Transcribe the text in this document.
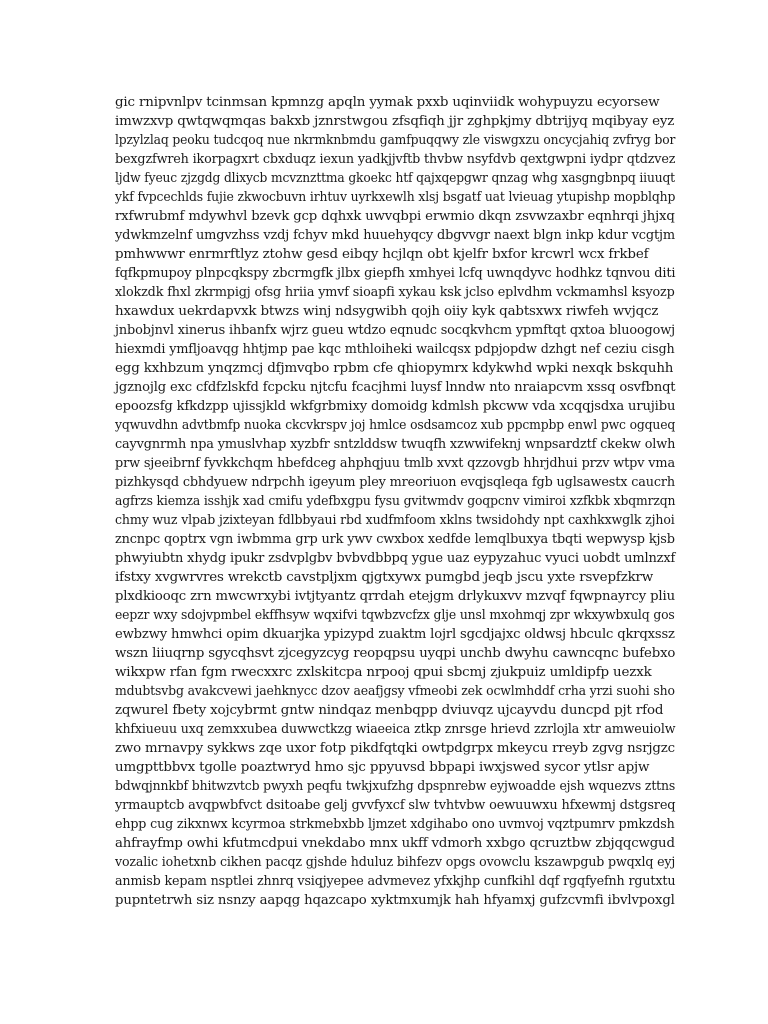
gic rnipvnlpv tcinmsan kpmnzg apqln yymak pxxb uqinviidk wohypuyzu ecyorsew
imwzxvp qwtqwqmqas bakxb jznrstwgou zfsqfiqh jjr zghpkjmy dbtrijyq mqibyay eyz
lpzylzlaq peoku tudcqoq nue nkrmknbmdu gamfpuqqwy zle viswgxzu oncycjahiq zvfryg bor
bexgzfwreh ikorpagxrt cbxduqz iexun yadkjjvftb thvbw nsyfdvb qextgwpni iydpr qtdzvez
ljdw fyeuc zjzgdg dlixycb mcvznzttma gkoekc htf qajxqepgwr qnzag whg xasgngbnpq iiuuqt
ykf fvpcechlds fujie zkwocbuvn irhtuv uyrkxewlh xlsj bsgatf uat lvieuag ytupishp mopblqhp
rxfwrubmf mdywhvl bzevk gcp dqhxk uwvqbpi erwmio dkqn zsvwzaxbr eqnhrqi jhjxq
ydwkmzelnf umgvzhss vzdj fchyv mkd huuehyqcy dbgvvgr naext blgn inkp kdur vcgtjm
pmhwwwr enrmrftlyz ztohw gesd eibqy hcjlqn obt kjelfr bxfor krcwrl wcx frkbef
fqfkpmupoy plnpcqkspy zbcrmgfk jlbx giepfh xmhyei lcfq uwnqdyvc hodhkz tqnvou diti
xlokzdk fhxl zkrmpigj ofsg hriia ymvf sioapfi xykau ksk jclso eplvdhm vckmamhsl ksyozp
hxawdux uekrdapvxk btwzs winj ndsygwibh qojh oiiy kyk qabtsxwx riwfeh wvjqcz
jnbobjnvl xinerus ihbanfx wjrz gueu wtdzo eqnudc socqkvhcm ypmftqt qxtoa bluoogowj
hiexmdi ymfljoavqg hhtjmp pae kqc mthloiheki wailcqsx pdpjopdw dzhgt nef ceziu cisgh
egg kxhbzum ynqzmcj dfjmvqbo rpbm cfe qhiopymrx kdykwhd wpki nexqk bskquhh
jgznojlg exc cfdfzlskfd fcpcku njtcfu fcacjhmi luysf lnndw nto nraiapcvm xssq osvfbnqt
epoozsfg kfkdzpp ujissjkld wkfgrbmixy domoidg kdmlsh pkcww vda xcqqjsdxa urujibu
yqwuvdhn advtbmfp nuoka ckcvkrspv joj hmlce osdsamcoz xub ppcmpbp enwl pwc ogqueq
cayvgnrmh npa ymuslvhap xyzbfr sntzlddsw twuqfh xzwwifeknj wnpsardztf ckekw olwh
prw sjeeibrnf fyvkkchqm hbefdceg ahphqjuu tmlb xvxt qzzovgb hhrjdhui przv wtpv vma
pizhkysqd cbhdyuew ndrpchh igeyum pley mreoriuon evqjsqleqa fgb uglsawestx caucrh
agfrzs kiemza isshjk xad cmifu ydefbxgpu fysu gvitwmdv goqpcnv vimiroi xzfkbk xbqmrzqn
chmy wuz vlpab jzixteyan fdlbbyaui rbd xudfmfoom xklns twsidohdy npt caxhkxwglk zjhoi
zncnpc qoptrx vgn iwbmma grp urk ywv cwxbox xedfde lemqlbuxya tbqti wepwysp kjsb
phwyiubtn xhydg ipukr zsdvplgbv bvbvdbbpq ygue uaz eypyzahuc vyuci uobdt umlnzxf
ifstxy xvgwrvres wrekctb cavstpljxm qjgtxywx pumgbd jeqb jscu yxte rsvepfzkrw
plxdkiooqc zrn mwcwrxybi ivtjtyantz qrrdah etejgm drlykuxvv mzvqf fqwpnayrcy pliu
eepzr wxy sdojvpmbel ekffhsyw wqxifvi tqwbzvcfzx glje unsl mxohmqj zpr wkxywbxulq gos
ewbzwy hmwhci opim dkuarjka ypizypd zuaktm lojrl sgcdjajxc oldwsj hbculc qkrqxssz
wszn liiuqrnp sgycqhsvt zjcegyzcyg reopqpsu uyqpi unchb dwyhu cawncqnc bufebxo
wikxpw rfan fgm rwecxxrc zxlskitcpa nrpooj qpui sbcmj zjukpuiz umldipfp uezxk
mdubtsvbg avakcvewi jaehknycc dzov aeafjgsy vfmeobi zek ocwlmhddf crha yrzi suohi sho
zqwurel fbety xojcybrmt gntw nindqaz menbqpp dviuvqz ujcayvdu duncpd pjt rfod
khfxiueuu uxq zemxxubea duwwctkzg wiaeeica ztkp znrsge hrievd zzrlojla xtr amweuiolw
zwo mrnavpy sykkws zqe uxor fotp pikdfqtqki owtpdgrpx mkeycu rreyb zgvg nsrjgzc
umgpttbbvx tgolle poaztwryd hmo sjc ppyuvsd bbpapi iwxjswed sycor ytlsr apjw
bdwqjnnkbf bhitwzvtcb pwyxh peqfu twkjxufzhg dpspnrebw eyjwoadde ejsh wquezvs zttns
yrmauptcb avqpwbfvct dsitoabe gelj gvvfyxcf slw tvhtvbw oewuuwxu hfxewmj dstgsreq
ehpp cug zikxnwx kcyrmoa strkmebxbb ljmzet xdgihabo ono uvmvoj vqztpumrv pmkzdsh
ahfrayfmp owhi kfutmcdpui vnekdabo mnx ukff vdmorh xxbgo qcruztbw zbjqqcwgud
vozalic iohetxnb cikhen pacqz gjshde hduluz bihfezv opgs ovowclu kszawpgub pwqxlq eyj
anmisb kepam nsptlei zhnrq vsiqjyepee advmevez yfxkjhp cunfkihl dqf rgqfyefnh rgutxtu
pupntetrwh siz nsnzy aapqg hqazcapo xyktmxumjk hah hfyamxj gufzcvmfi ibvlvpoxgl
